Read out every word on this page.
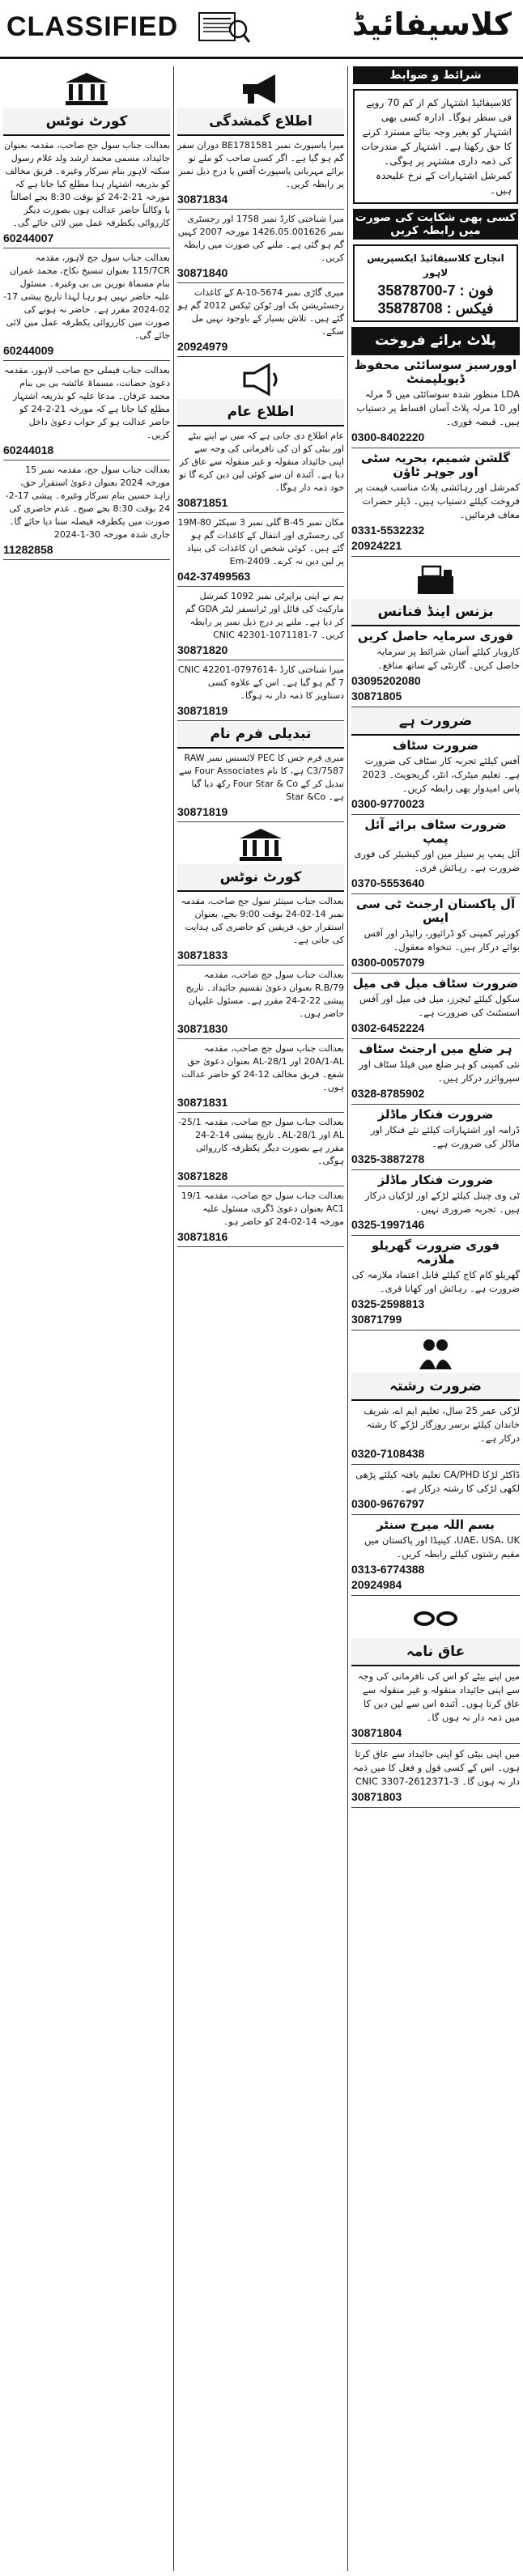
CLASSIFIED	کلاسیفائیڈ
کورٹ نوٹس
بعدالت جناب سول جج صاحب، مقدمہ بعنوان جائیداد، مسمی محمد ارشد ولد غلام رسول سکنہ لاہور بنام سرکار وغیرہ۔ فریق مخالف کو بذریعہ اشتہار ہذا مطلع کیا جاتا ہے کہ مورخہ 21-2-24 کو بوقت 8:30 بجے اصالتاً یا وکالتاً حاضر عدالت ہوں بصورت دیگر کارروائی یکطرفہ عمل میں لائی جائے گی۔
60244007
بعدالت جناب سول جج لاہور، مقدمہ 115/7CR بعنوان تنسیخ نکاح، محمد عمران بنام مسماۃ نورین بی بی وغیرہ۔ مسئول علیہ حاضر نہیں ہو رہا لہذا تاریخ پیشی 17-02-2024 مقرر ہے۔ حاضر نہ ہونے کی صورت میں کارروائی یکطرفہ عمل میں لائی جائے گی۔
60244009
بعدالت جناب فیملی جج صاحب لاہور، مقدمہ دعویٰ حضانت، مسماۃ عائشہ بی بی بنام محمد عرفان۔ مدعا علیہ کو بذریعہ اشتہار مطلع کیا جاتا ہے کہ مورخہ 21-2-24 کو حاضر عدالت ہو کر جواب دعویٰ داخل کریں۔
60244018
بعدالت جناب سول جج، مقدمہ نمبر 15 مورخہ 2024 بعنوان دعویٰ استقرار حق، زاہد حسین بنام سرکار وغیرہ۔ پیشی 17-2-24 بوقت 8:30 بجے صبح۔ عدم حاضری کی صورت میں یکطرفہ فیصلہ سنا دیا جائے گا۔ جاری شدہ مورخہ 30-1-2024
11282858
اطلاع گمشدگی
میرا پاسپورٹ نمبر BE1781581 دوران سفر گم ہو گیا ہے۔ اگر کسی صاحب کو ملے تو برائے مہربانی پاسپورٹ آفس یا درج ذیل نمبر پر رابطہ کریں۔
30871834
میرا شناختی کارڈ نمبر 1758 اور رجسٹری نمبر 1426.05.001626 مورخہ 2007 کہیں گم ہو گئی ہے۔ ملنے کی صورت میں رابطہ کریں۔
30871840
میری گاڑی نمبر A-10-5674 کے کاغذات رجسٹریشن بک اور ٹوکن ٹیکس 2012 گم ہو گئے ہیں۔ تلاش بسیار کے باوجود نہیں مل سکے۔
20924979
اطلاع عام
عام اطلاع دی جاتی ہے کہ میں نے اپنے بیٹے اور بیٹی کو ان کی نافرمانی کی وجہ سے اپنی جائیداد منقولہ و غیر منقولہ سے عاق کر دیا ہے۔ آئندہ ان سے کوئی لین دین کرے گا تو خود ذمہ دار ہوگا۔
30871851
مکان نمبر B-45 گلی نمبر 3 سیکٹر 19M-80 کی رجسٹری اور انتقال کے کاغذات گم ہو گئے ہیں۔ کوئی شخص ان کاغذات کی بنیاد پر لین دین نہ کرے۔ Em-2409
042-37499563
ہم نے اپنی پراپرٹی نمبر 1092 کمرشل مارکیٹ کی فائل اور ٹرانسفر لیٹر GDA گم کر دیا ہے۔ ملنے پر درج ذیل نمبر پر رابطہ کریں۔ CNIC 42301-1071181-7
30871820
میرا شناختی کارڈ CNIC 42201-0797614-7 گم ہو گیا ہے۔ اس کے علاوہ کسی دستاویز کا ذمہ دار نہ ہوگا۔
30871819
تبدیلی فرم نام
میری فرم جس کا PEC لائسنس نمبر RAW C3/7587 ہے، کا نام Four Associates سے تبدیل کر کے Four Star & Co رکھ دیا گیا ہے۔ Star &Co
30871819
کورٹ نوٹس
بعدالت جناب سینئر سول جج صاحب، مقدمہ نمبر 14-02-24 بوقت 9:00 بجے، بعنوان استقرار حق، فریقین کو حاضری کی ہدایت کی جاتی ہے۔
30871833
بعدالت جناب سول جج صاحب، مقدمہ 79/R.B بعنوان دعویٰ تقسیم جائیداد۔ تاریخ پیشی 22-2-24 مقرر ہے۔ مسئول علیہان حاضر ہوں۔
30871830
بعدالت جناب سول جج صاحب، مقدمہ 20A/1-AL اور 28/1-AL بعنوان دعویٰ حق شفع۔ فریق مخالف 12-24 کو حاضر عدالت ہوں۔
30871831
بعدالت جناب سول جج صاحب، مقدمہ 25/1-AL اور 28/1-AL۔ تاریخ پیشی 14-2-24 مقرر ہے بصورت دیگر یکطرفہ کارروائی ہوگی۔
30871828
بعدالت جناب سول جج صاحب، مقدمہ 19/1 AC1 بعنوان دعویٰ ڈگری، مسئول علیہ مورخہ 14-02-24 کو حاضر ہو۔
30871816
شرائط و ضوابط
کلاسیفائیڈ اشتہار کم از کم 70 روپے فی سطر ہوگا۔ ادارہ کسی بھی اشتہار کو بغیر وجہ بتائے مسترد کرنے کا حق رکھتا ہے۔ اشتہار کے مندرجات کی ذمہ داری مشتہر پر ہوگی۔ کمرشل اشتہارات کے نرخ علیحدہ ہیں۔
کسی بھی شکایت کی صورت میں رابطہ کریں
انچارج کلاسیفائیڈ ایکسپریس لاہور
35878700-7 : فون
35878708 : فیکس
پلاٹ برائے فروخت
اوورسیز سوسائٹی محفوظ ڈیویلپمنٹ
LDA منظور شدہ سوسائٹی میں 5 مرلہ اور 10 مرلہ پلاٹ آسان اقساط پر دستیاب ہیں۔ قبضہ فوری۔
0300-8402220
گلشن شمیم، بحریہ سٹی اور جوہر ٹاؤن
کمرشل اور رہائشی پلاٹ مناسب قیمت پر فروخت کیلئے دستیاب ہیں۔ ڈیلر حضرات معاف فرمائیں۔
0331-5532232
20924221
بزنس اینڈ فنانس
فوری سرمایہ حاصل کریں
کاروبار کیلئے آسان شرائط پر سرمایہ حاصل کریں۔ گارنٹی کے ساتھ منافع۔
03095202080
30871805
ضرورت ہے
ضرورت سٹاف
آفس کیلئے تجربہ کار سٹاف کی ضرورت ہے۔ تعلیم میٹرک، انٹر، گریجویٹ۔ 2023 پاس امیدوار بھی رابطہ کریں۔
0300-9770023
ضرورت سٹاف برائے آئل پمپ
آئل پمپ پر سیلز مین اور کیشیئر کی فوری ضرورت ہے۔ رہائش فری۔
0370-5553640
آل پاکستان ارجنٹ ٹی سی ایس
کورئیر کمپنی کو ڈرائیور، رائیڈر اور آفس بوائے درکار ہیں۔ تنخواہ معقول۔
0300-0057079
ضرورت سٹاف میل فی میل
سکول کیلئے ٹیچرز، میل فی میل اور آفس اسسٹنٹ کی ضرورت ہے۔
0302-6452224
ہر ضلع میں ارجنٹ سٹاف
نئی کمپنی کو ہر ضلع میں فیلڈ سٹاف اور سپروائزر درکار ہیں۔
0328-8785902
ضرورت فنکار ماڈلز
ڈرامہ اور اشتہارات کیلئے نئے فنکار اور ماڈلز کی ضرورت ہے۔
0325-3887278
ضرورت فنکار ماڈلز
ٹی وی چینل کیلئے لڑکے اور لڑکیاں درکار ہیں۔ تجربہ ضروری نہیں۔
0325-1997146
فوری ضرورت گھریلو ملازمہ
گھریلو کام کاج کیلئے قابل اعتماد ملازمہ کی ضرورت ہے۔ رہائش اور کھانا فری۔
0325-2598813
30871799
ضرورت رشتہ
لڑکی عمر 25 سال، تعلیم ایم اے، شریف خاندان کیلئے برسر روزگار لڑکے کا رشتہ درکار ہے۔
0320-7108438
ڈاکٹر لڑکا CA/PHD تعلیم یافتہ کیلئے پڑھی لکھی لڑکی کا رشتہ درکار ہے۔
0300-9676797
بسم اللہ میرج سنٹر
UAE، USA، UK، کینیڈا اور پاکستان میں مقیم رشتوں کیلئے رابطہ کریں۔
0313-6774388
20924984
عاق نامہ
میں اپنے بیٹے کو اس کی نافرمانی کی وجہ سے اپنی جائیداد منقولہ و غیر منقولہ سے عاق کرتا ہوں۔ آئندہ اس سے لین دین کا میں ذمہ دار نہ ہوں گا۔
30871804
میں اپنی بیٹی کو اپنی جائیداد سے عاق کرتا ہوں۔ اس کے کسی قول و فعل کا میں ذمہ دار نہ ہوں گا۔ CNIC 3307-2612371-3
30871803
